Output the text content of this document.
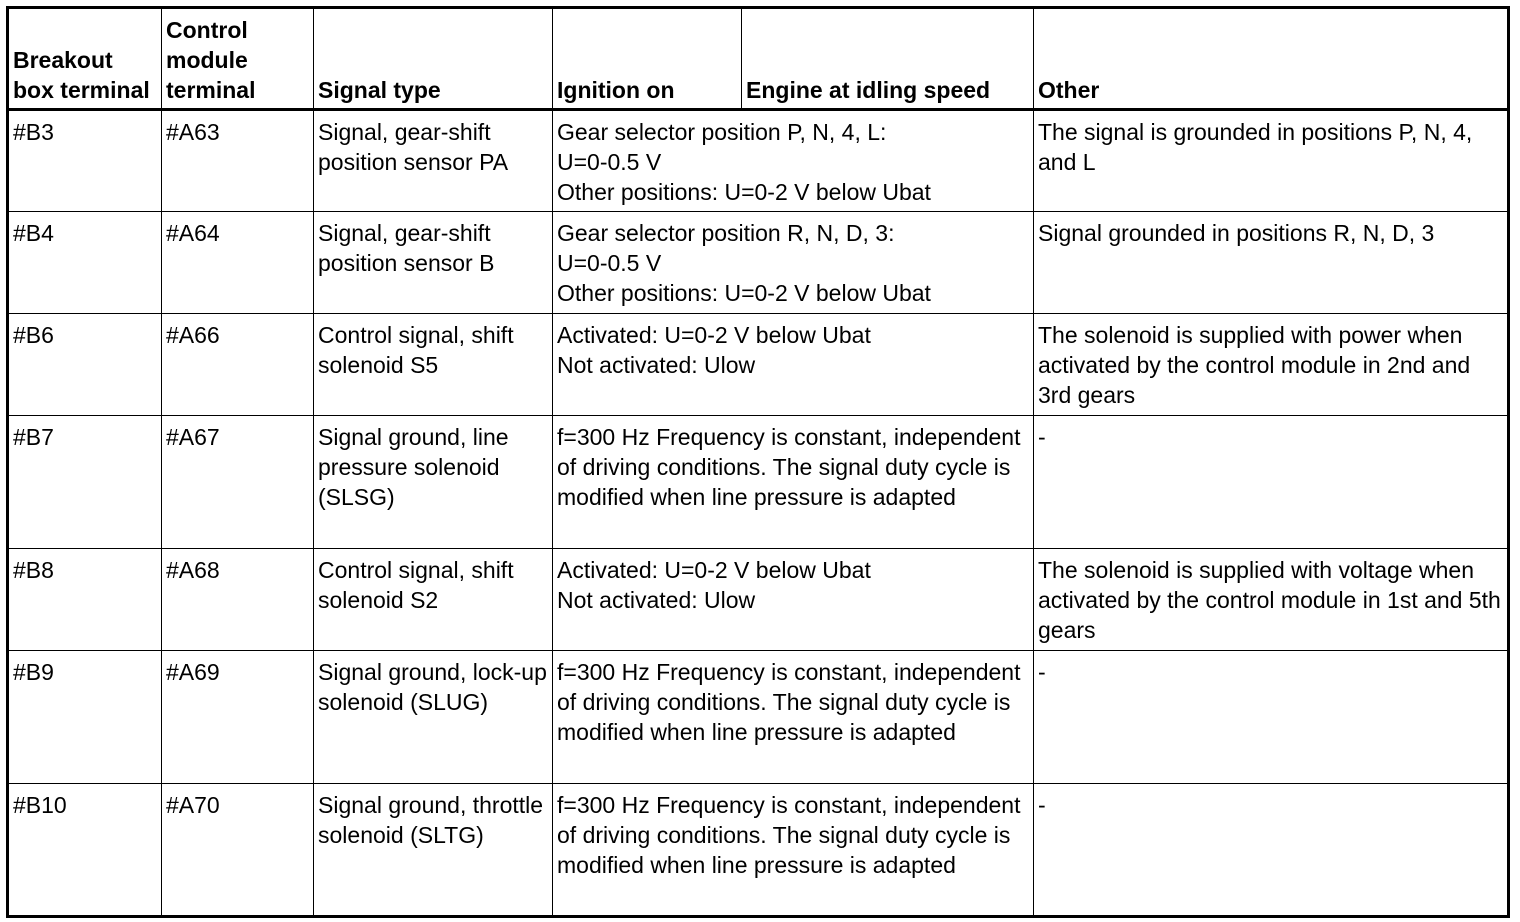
Breakout box terminal	Control module terminal	Signal type	Ignition on	Engine at idling speed	Other
#B3	#A63	Signal, gear-shift position sensor PA	Gear selector position P, N, 4, L:
U=0-0.5 V
Other positions: U=0-2 V below Ubat		The signal is grounded in positions P, N, 4, and L
#B4	#A64	Signal, gear-shift position sensor B	Gear selector position R, N, D, 3:
U=0-0.5 V
Other positions: U=0-2 V below Ubat		Signal grounded in positions R, N, D, 3
#B6	#A66	Control signal, shift solenoid S5	Activated: U=0-2 V below Ubat
Not activated: Ulow		The solenoid is supplied with power when activated by the control module in 2nd and 3rd gears
#B7	#A67	Signal ground, line pressure solenoid (SLSG)	f=300 Hz Frequency is constant, independent of driving conditions. The signal duty cycle is modified when line pressure is adapted		-
#B8	#A68	Control signal, shift solenoid S2	Activated: U=0-2 V below Ubat
Not activated: Ulow		The solenoid is supplied with voltage when activated by the control module in 1st and 5th gears
#B9	#A69	Signal ground, lock-up solenoid (SLUG)	f=300 Hz Frequency is constant, independent of driving conditions. The signal duty cycle is modified when line pressure is adapted		-
#B10	#A70	Signal ground, throttle solenoid (SLTG)	f=300 Hz Frequency is constant, independent of driving conditions. The signal duty cycle is modified when line pressure is adapted		-
